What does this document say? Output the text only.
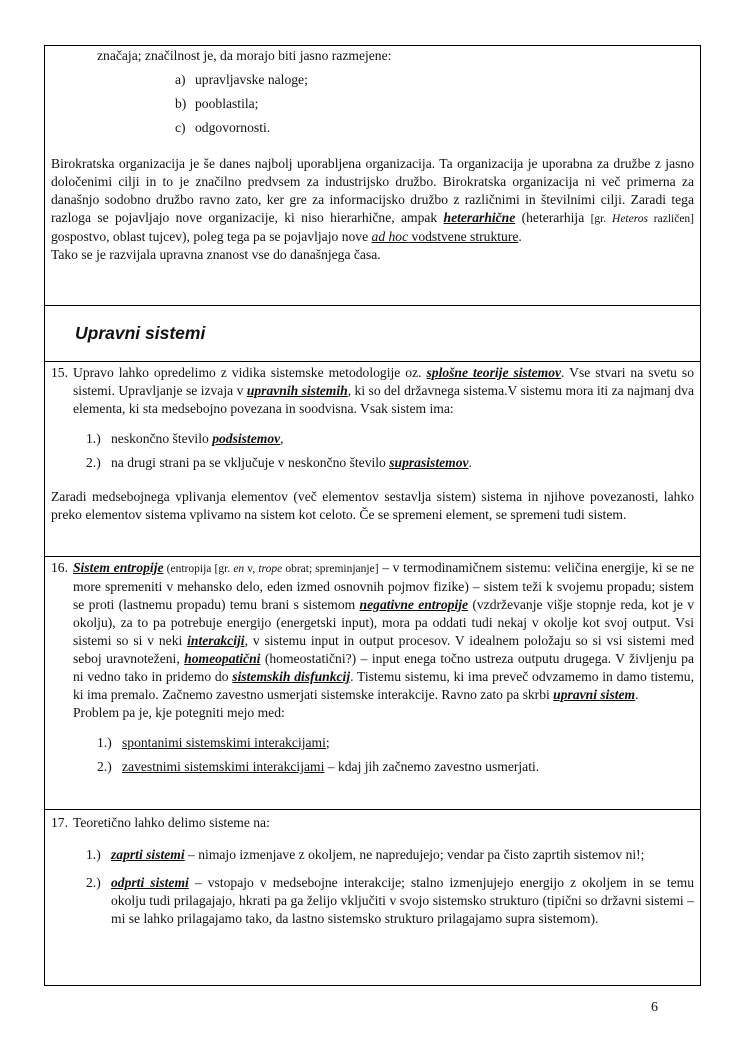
značaja; značilnost je, da morajo biti jasno razmejene:

a) upravljavske naloge;
b) pooblastila;
c) odgovornosti.

Birokratska organizacija je še danes najbolj uporabljena organizacija. Ta organizacija je uporabna za družbe z jasno določenimi cilji in to je značilno predvsem za industrijsko družbo. Birokratska organizacija ni več primerna za današnjo sodobno družbo ravno zato, ker gre za informacijsko družbo z različnimi in številnimi cilji. Zaradi tega razloga se pojavljajo nove organizacije, ki niso hierarhične, ampak heterarhične (heterarhija [gr. Heteros različen] gospostvo, oblast tujcev), poleg tega pa se pojavljajo nove ad hoc vodstvene strukture.

Tako se je razvijala upravna znanost vse do današnjega časa.

Upravni sistemi
15. Upravo lahko opredelimo z vidika sistemske metodologije oz. splošne teorije sistemov. Vse stvari na svetu so sistemi. Upravljanje se izvaja v upravnih sistemih, ki so del državnega sistema.V sistemu mora iti za najmanj dva elementa, ki sta medsebojno povezana in soodvisna. Vsak sistem ima:
1.) neskončno število podsistemov,
2.) na drugi strani pa se vključuje v neskončno število suprasistemov.

Zaradi medsebojnega vplivanja elementov (več elementov sestavlja sistem) sistema in njihove povezanosti, lahko preko elementov sistema vplivamo na sistem kot celoto. Če se spremeni element, se spremeni tudi sistem.

16. Sistem entropije (entropija [gr. en v, trope obrat; spreminjanje] – v termodinamičnem sistemu: veličina energije, ki se ne more spremeniti v mehansko delo, eden izmed osnovnih pojmov fizike) – sistem teži k svojemu propadu; sistem se proti (lastnemu propadu) temu brani s sistemom negativne entropije (vzdrževanje višje stopnje reda, kot je v okolju), za to pa potrebuje energijo (energetski input), mora pa oddati tudi nekaj v okolje kot svoj output. Vsi sistemi so si v neki interakciji, v sistemu input in output procesov. V idealnem položaju so si vsi sistemi med seboj uravnoteženi, homeopatični (homeostatični?) – input enega točno ustreza outputu drugega. V življenju pa ni vedno tako in pridemo do sistemskih disfunkcij. Tistemu sistemu, ki ima preveč odvzamemo in damo tistemu, ki ima premalo. Začnemo zavestno usmerjati sistemske interakcije. Ravno zato pa skrbi upravni sistem.
Problem pa je, kje potegniti mejo med:
1.) spontanimi sistemskimi interakcijami;
2.) zavestnimi sistemskimi interakcijami – kdaj jih začnemo zavestno usmerjati.
17. Teoretično lahko delimo sisteme na:
1.) zaprti sistemi – nimajo izmenjave z okoljem, ne napredujejo; vendar pa čisto zaprtih sistemov ni!;
2.) odprti sistemi – vstopajo v medsebojne interakcije; stalno izmenjujejo energijo z okoljem in se temu okolju tudi prilagajajo, hkrati pa ga želijo vključiti v svojo sistemsko strukturo (tipični so državni sistemi – mi se lahko prilagajamo tako, da lastno sistemsko strukturo prilagajamo supra sistemom).
6
